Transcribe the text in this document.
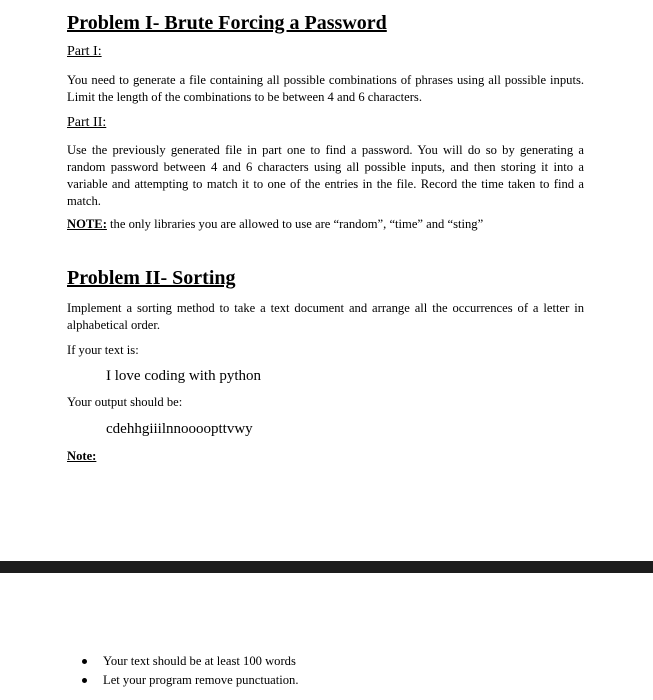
Problem I- Brute Forcing a Password
Part I:
You need to generate a file containing all possible combinations of phrases using all possible inputs. Limit the length of the combinations to be between 4 and 6 characters.
Part II:
Use the previously generated file in part one to find a password. You will do so by generating a random password between 4 and 6 characters using all possible inputs, and then storing it into a variable and attempting to match it to one of the entries in the file. Record the time taken to find a match.
NOTE: the only libraries you are allowed to use are “random”, “time” and “sting”
Problem II- Sorting
Implement a sorting method to take a text document and arrange all the occurrences of a letter in alphabetical order.
If your text is:
I love coding with python
Your output should be:
cdehhgiiilnnoooopttvwy
Note:
Your text should be at least 100 words
Let your program remove punctuation.
